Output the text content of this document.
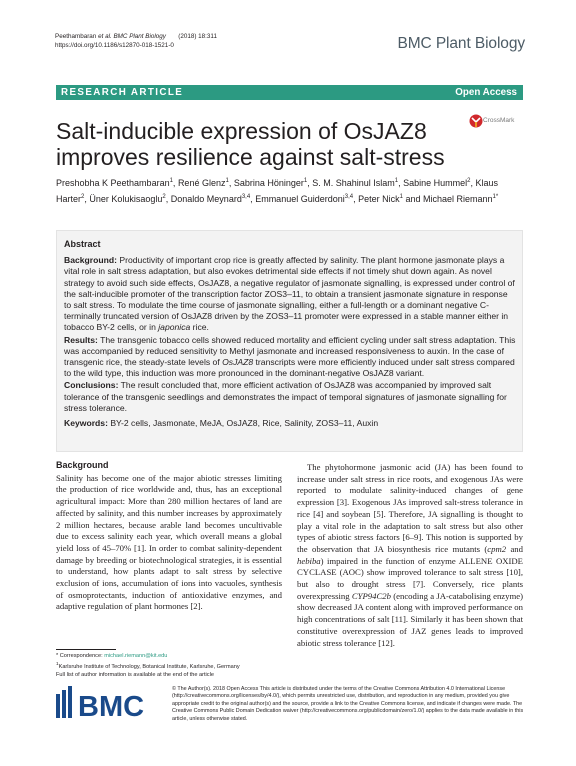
Peethambaran et al. BMC Plant Biology (2018) 18:311
https://doi.org/10.1186/s12870-018-1521-0	BMC Plant Biology
RESEARCH ARTICLE	Open Access
Salt-inducible expression of OsJAZ8 improves resilience against salt-stress
CrossMark
Preshobha K Peethambaran$^1$, René Glenz$^1$, Sabrina Höninger$^1$, S. M. Shahinul Islam$^1$, Sabine Hummel$^2$, Klaus Harter$^2$, Üner Kolukisaoglu$^2$, Donaldo Meynard$^{3,4}$, Emmanuel Guiderdoni$^{3,4}$, Peter Nick$^1$ and Michael Riemann$^{1*}$

Abstract

Background: Productivity of important crop rice is greatly affected by salinity. The plant hormone jasmonate plays a vital role in salt stress adaptation, but also evokes detrimental side effects if not timely shut down again. As novel strategy to avoid such side effects, OsJAZ8, a negative regulator of jasmonate signalling, is expressed under control of the salt-inducible promoter of the transcription factor ZOS3–11, to obtain a transient jasmonate signature in response to salt stress. To modulate the time course of jasmonate signalling, either a full-length or a dominant negative C-terminally truncated version of OsJAZ8 driven by the ZOS3–11 promoter were expressed in a stable manner either in tobacco BY-2 cells, or in japonica rice.

Results: The transgenic tobacco cells showed reduced mortality and efficient cycling under salt stress adaptation. This was accompanied by reduced sensitivity to Methyl jasmonate and increased responsiveness to auxin. In the case of transgenic rice, the steady-state levels of OsJAZ8 transcripts were more efficiently induced under salt stress compared to the wild type, this induction was more pronounced in the dominant-negative OsJAZ8 variant.

Conclusions: The result concluded that, more efficient activation of OsJAZ8 was accompanied by improved salt tolerance of the transgenic seedlings and demonstrates the impact of temporal signatures of jasmonate signalling for stress tolerance.

Keywords: BY-2 cells, Jasmonate, MeJA, OsJAZ8, Rice, Salinity, ZOS3–11, Auxin

Background

Salinity has become one of the major abiotic stresses limiting the production of rice worldwide and, thus, has an exceptional agricultural impact: More than 280 million hectares of land are affected by salinity, and this number increases by approximately 2 million hectares, because arable land becomes uncultivable due to excess salinity each year, which overall means a global yield loss of 45–70% [1]. In order to combat salinity-dependent damage by breeding or biotechnological strategies, it is essential to understand, how plants adapt to salt stress by selective exclusion of ions, accumulation of ions into vacuoles, synthesis of osmoprotectants, induction of antioxidative enzymes, and adaptive regulation of plant hormones [2].

The phytohormone jasmonic acid (JA) has been found to increase under salt stress in rice roots, and exogenous JAs were reported to modulate salinity-induced changes of gene expression [3]. Exogenous JAs improved salt-stress tolerance in rice [4] and soybean [5]. Therefore, JA signalling is thought to play a vital role in the adaptation to salt stress but also other types of abiotic stress factors [6–9]. This notion is supported by the observation that JA biosynthesis rice mutants (cpm2 and hebiba) impaired in the function of enzyme ALLENE OXIDE CYCLASE (AOC) show improved tolerance to salt stress [10], but also to drought stress [7]. Conversely, rice plants overexpressing CYP94C2b (encoding a JA-catabolising enzyme) show decreased JA content along with improved performance on high concentrations of salt [11]. Similarly it has been shown that constitutive overexpression of JAZ genes leads to improved abiotic stress tolerance [12].

* Correspondence: michael.riemann@kit.edu
$^1$Karlsruhe Institute of Technology, Botanical Institute, Karlsruhe, Germany
Full list of author information is available at the end of the article
BMC
© The Author(s). 2018 Open Access This article is distributed under the terms of the Creative Commons Attribution 4.0 International License (http://creativecommons.org/licenses/by/4.0/), which permits unrestricted use, distribution, and reproduction in any medium, provided you give appropriate credit to the original author(s) and the source, provide a link to the Creative Commons license, and indicate if changes were made. The Creative Commons Public Domain Dedication waiver (http://creativecommons.org/publicdomain/zero/1.0/) applies to the data made available in this article, unless otherwise stated.
